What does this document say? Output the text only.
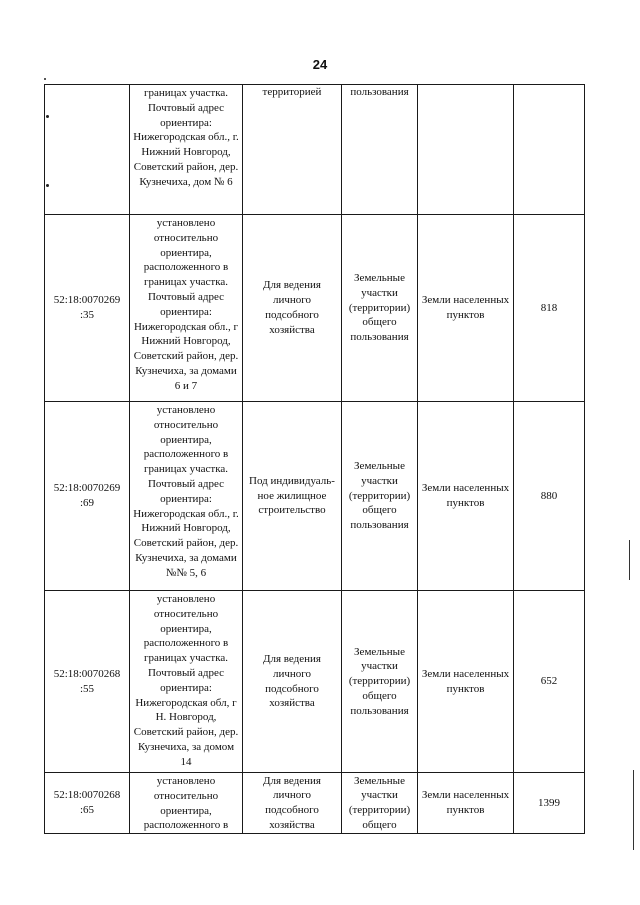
24
	границах участка. Почтовый адрес ориентира: Нижегородская обл., г. Нижний Новгород, Советский район, дер. Кузнечиха, дом № 6	территорией	пользования		
52:18:0070269 :35	установлено относительно ориентира, расположенного в границах участка. Почтовый адрес ориентира: Нижегородская обл., г Нижний Новгород, Советский район, дер. Кузнечиха, за домами 6 и 7	Для ведения личного подсобного хозяйства	Земельные участки (территории) общего пользования	Земли населенных пунктов	818
52:18:0070269 :69	установлено относительно ориентира, расположенного в границах участка. Почтовый адрес ориентира: Нижегородская обл., г. Нижний Новгород, Советский район, дер. Кузнечиха, за домами №№ 5, 6	Под индивидуаль-ное жилищное строительство	Земельные участки (территории) общего пользования	Земли населенных пунктов	880
52:18:0070268 :55	установлено относительно ориентира, расположенного в границах участка. Почтовый адрес ориентира: Нижегородская обл, г Н. Новгород, Советский район, дер. Кузнечиха, за домом 14	Для ведения личного подсобного хозяйства	Земельные участки (территории) общего пользования	Земли населенных пунктов	652
52:18:0070268 :65	установлено относительно ориентира, расположенного в	Для ведения личного подсобного хозяйства	Земельные участки (территории) общего	Земли населенных пунктов	1399
